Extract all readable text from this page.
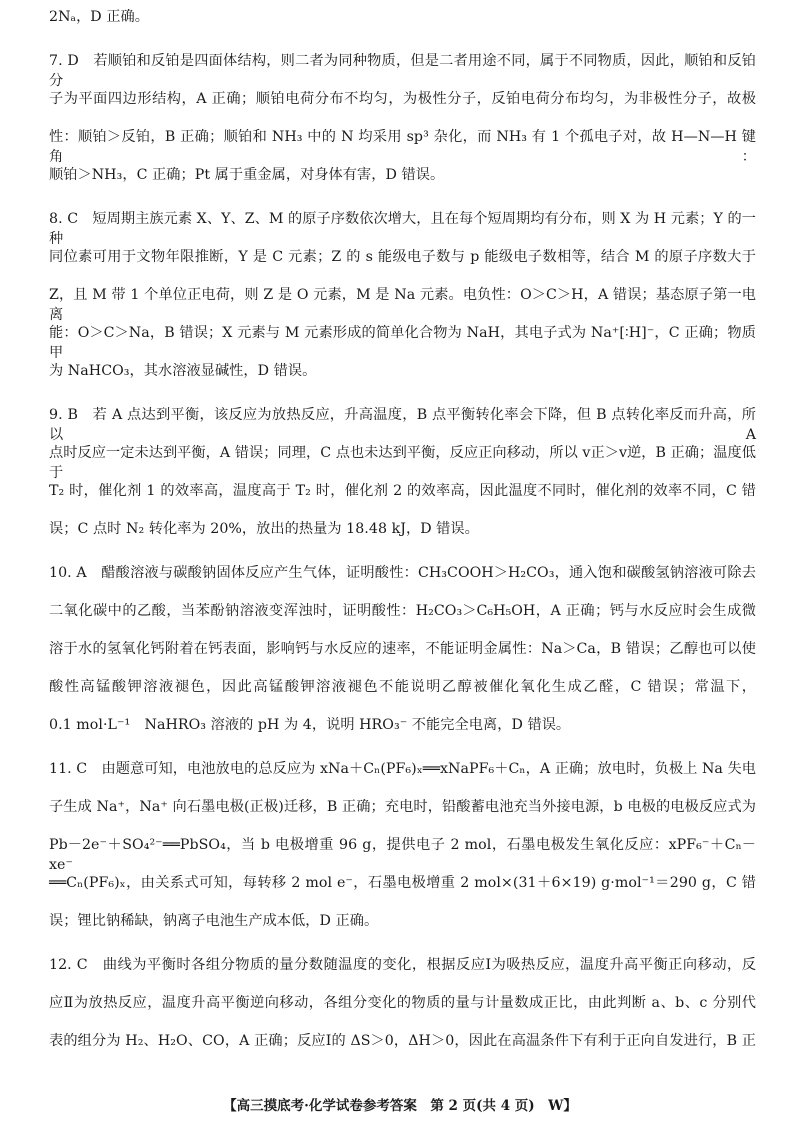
2Nₐ，D 正确。
7. D　若顺铂和反铂是四面体结构，则二者为同种物质，但是二者用途不同，属于不同物质，因此，顺铂和反铂分
子为平面四边形结构，A 正确；顺铂电荷分布不均匀，为极性分子，反铂电荷分布均匀，为非极性分子，故极
性：顺铂＞反铂，B 正确；顺铂和 NH₃ 中的 N 均采用 sp³ 杂化，而 NH₃ 有 1 个孤电子对，故 H—N—H 键角：
顺铂＞NH₃，C 正确；Pt 属于重金属，对身体有害，D 错误。
8. C　短周期主族元素 X、Y、Z、M 的原子序数依次增大，且在每个短周期均有分布，则 X 为 H 元素；Y 的一种
同位素可用于文物年限推断，Y 是 C 元素；Z 的 s 能级电子数与 p 能级电子数相等，结合 M 的原子序数大于
Z，且 M 带 1 个单位正电荷，则 Z 是 O 元素，M 是 Na 元素。电负性：O＞C＞H，A 错误；基态原子第一电离
能：O＞C＞Na，B 错误；X 元素与 M 元素形成的简单化合物为 NaH，其电子式为 Na⁺[∶H]⁻，C 正确；物质甲
为 NaHCO₃，其水溶液显碱性，D 错误。
9. B　若 A 点达到平衡，该反应为放热反应，升高温度，B 点平衡转化率会下降，但 B 点转化率反而升高，所以 A
点时反应一定未达到平衡，A 错误；同理，C 点也未达到平衡，反应正向移动，所以 v正＞v逆，B 正确；温度低于
T₂ 时，催化剂 1 的效率高，温度高于 T₂ 时，催化剂 2 的效率高，因此温度不同时，催化剂的效率不同，C 错
误；C 点时 N₂ 转化率为 20%，放出的热量为 18.48 kJ，D 错误。
10. A　醋酸溶液与碳酸钠固体反应产生气体，证明酸性：CH₃COOH＞H₂CO₃，通入饱和碳酸氢钠溶液可除去
二氧化碳中的乙酸，当苯酚钠溶液变浑浊时，证明酸性：H₂CO₃＞C₆H₅OH，A 正确；钙与水反应时会生成微
溶于水的氢氧化钙附着在钙表面，影响钙与水反应的速率，不能证明金属性：Na＞Ca，B 错误；乙醇也可以使
酸性高锰酸钾溶液褪色，因此高锰酸钾溶液褪色不能说明乙醇被催化氧化生成乙醛，C 错误；常温下，
0.1 mol·L⁻¹　NaHRO₃ 溶液的 pH 为 4，说明 HRO₃⁻ 不能完全电离，D 错误。
11. C　由题意可知，电池放电的总反应为 xNa＋Cₙ(PF₆)ₓ══xNaPF₆＋Cₙ，A 正确；放电时，负极上 Na 失电
子生成 Na⁺，Na⁺ 向石墨电极(正极)迁移，B 正确；充电时，铅酸蓄电池充当外接电源，b 电极的电极反应式为
Pb－2e⁻＋SO₄²⁻══PbSO₄，当 b 电极增重 96 g，提供电子 2 mol，石墨电极发生氧化反应：xPF₆⁻＋Cₙ－xe⁻
══Cₙ(PF₆)ₓ，由关系式可知，每转移 2 mol e⁻，石墨电极增重 2 mol×(31＋6×19) g·mol⁻¹＝290 g，C 错
误；锂比钠稀缺，钠离子电池生产成本低，D 正确。
12. C　曲线为平衡时各组分物质的量分数随温度的变化，根据反应Ⅰ为吸热反应，温度升高平衡正向移动，反
应Ⅱ为放热反应，温度升高平衡逆向移动，各组分变化的物质的量与计量数成正比，由此判断 a、b、c 分别代
表的组分为 H₂、H₂O、CO，A 正确；反应Ⅰ的 ΔS＞0，ΔH＞0，因此在高温条件下有利于正向自发进行，B 正
【高三摸底考·化学试卷参考答案　第 2 页(共 4 页)　W】
